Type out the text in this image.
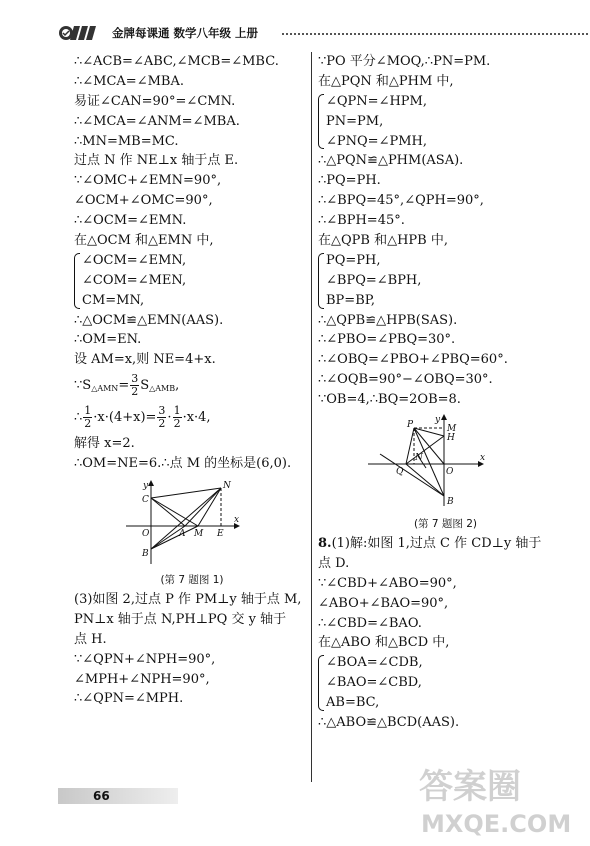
金牌每课通 数学八年级 上册
∴∠ACB=∠ABC,∠MCB=∠MBC.
∴∠MCA=∠MBA.
易证∠CAN=90°=∠CMN.
∴∠MCA=∠ANM=∠MBA.
∴MN=MB=MC.
过点 N 作 NE⊥x 轴于点 E.
∵∠OMC+∠EMN=90°,
∠OCM+∠OMC=90°,
∴∠OCM=∠EMN.
在△OCM 和△EMN 中,
∠OCM=∠EMN,
∠COM=∠MEN,
CM=MN,
∴△OCM≌△EMN(AAS).
∴OM=EN.
设 AM=x,则 NE=4+x.
$\because S_{\triangle AMN}= \frac{3}{2} S_{\triangle AMB}$,
∴ $\frac{1}{2} \cdot x\cdot(4+x)= \frac{3}{2} \cdot \frac{1}{2} \cdot x\cdot 4$,
解得 x=2.
∴OM=NE=6.∴点 M 的坐标是(6,0).
y
C
N
O	A M E
x
B
(第 7 题图 1)
(3)如图 2,过点 P 作 PM⊥y 轴于点 M,
PN⊥x 轴于点 N,PH⊥PQ 交 y 轴于
点 H.
∵∠QPN+∠NPH=90°,
∠MPH+∠NPH=90°,
∴∠QPN=∠MPH.
∵PO 平分∠MOQ,∴PN=PM.
在△PQN 和△PHM 中,
∠QPN=∠HPM,
PN=PM,
∠PNQ=∠PMH,
∴△PQN≌△PHM(ASA).
∴PQ=PH.
∴∠BPQ=45°,∠QPH=90°,
∴∠BPH=45°.
在△QPB 和△HPB 中,
PQ=PH,
∠BPQ=∠BPH,
BP=BP,
∴△QPB≌△HPB(SAS).
∴∠PBO=∠PBQ=30°.
∴∠OBQ=∠PBO+∠PBQ=60°.
∴∠OQB=90°−∠OBQ=30°.
∵OB=4,∴BQ=2OB=8.
y
P	M
H
N
O
Q
x
B
(第 7 题图 2)
8.(1)解:如图 1,过点 C 作 CD⊥y 轴于
点 D.
∵∠CBD+∠ABO=90°,
∠ABO+∠BAO=90°,
∴∠CBD=∠BAO.
在△ABO 和△BCD 中,
∠BOA=∠CDB,
∠BAO=∠CBD,
AB=BC,
∴△ABO≌△BCD(AAS).
66	答案圈
MXQE.COM
